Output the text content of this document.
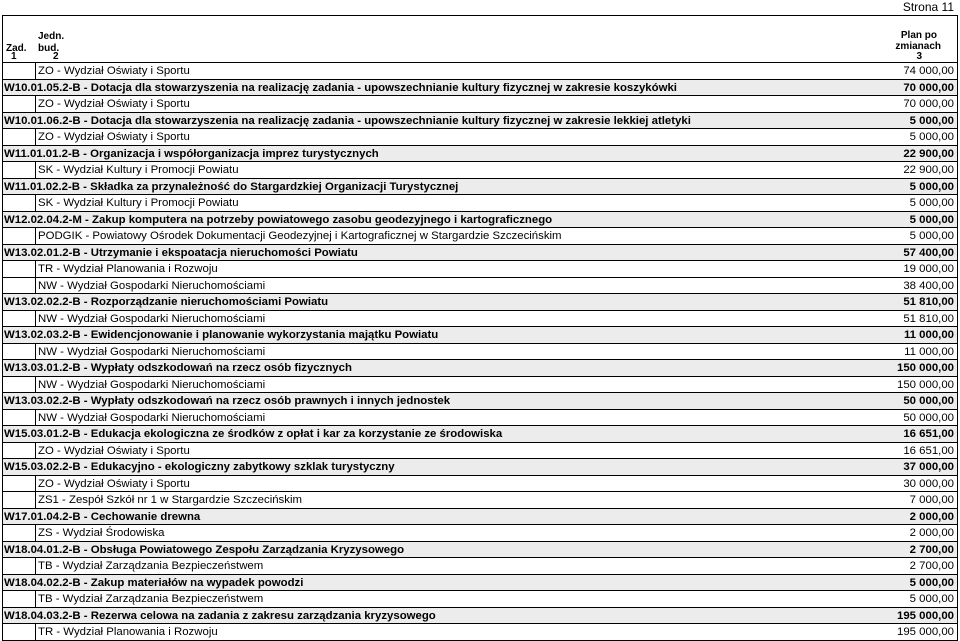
Strona 11
Jedn.
Zad. bud.
Plan po
zmianach
1	2	3
ZO - Wydział Oświaty i Sportu	74 000,00
W10.01.05.2-B - Dotacja dla stowarzyszenia na realizację zadania - upowszechnianie kultury fizycznej w zakresie koszykówki	70 000,00
ZO - Wydział Oświaty i Sportu	70 000,00
W10.01.06.2-B - Dotacja dla stowarzyszenia na realizację zadania - upowszechnianie kultury fizycznej w zakresie lekkiej atletyki	5 000,00
ZO - Wydział Oświaty i Sportu	5 000,00
W11.01.01.2-B - Organizacja i współorganizacja imprez turystycznych	22 900,00
SK - Wydział Kultury i Promocji Powiatu	22 900,00
W11.01.02.2-B - Składka za przynależność do Stargardzkiej Organizacji Turystycznej	5 000,00
SK - Wydział Kultury i Promocji Powiatu	5 000,00
W12.02.04.2-M - Zakup komputera na potrzeby powiatowego zasobu geodezyjnego i kartograficznego	5 000,00
PODGIK - Powiatowy Ośrodek Dokumentacji Geodezyjnej i Kartograficznej w Stargardzie Szczecińskim	5 000,00
W13.02.01.2-B - Utrzymanie i ekspoatacja nieruchomości Powiatu	57 400,00
TR - Wydział Planowania i Rozwoju	19 000,00
NW - Wydział Gospodarki Nieruchomościami	38 400,00
W13.02.02.2-B - Rozporządzanie nieruchomościami Powiatu	51 810,00
NW - Wydział Gospodarki Nieruchomościami	51 810,00
W13.02.03.2-B - Ewidencjonowanie i planowanie wykorzystania majątku Powiatu	11 000,00
NW - Wydział Gospodarki Nieruchomościami	11 000,00
W13.03.01.2-B - Wypłaty odszkodowań na rzecz osób fizycznych	150 000,00
NW - Wydział Gospodarki Nieruchomościami	150 000,00
W13.03.02.2-B - Wypłaty odszkodowań na rzecz osób prawnych i innych jednostek	50 000,00
NW - Wydział Gospodarki Nieruchomościami	50 000,00
W15.03.01.2-B - Edukacja ekologiczna ze środków z opłat i kar za korzystanie ze środowiska	16 651,00
ZO - Wydział Oświaty i Sportu	16 651,00
W15.03.02.2-B - Edukacyjno - ekologiczny zabytkowy szklak turystyczny	37 000,00
ZO - Wydział Oświaty i Sportu	30 000,00
ZS1 - Zespół Szkół nr 1 w Stargardzie Szczecińskim	7 000,00
W17.01.04.2-B - Cechowanie drewna	2 000,00
ZS - Wydział Środowiska	2 000,00
W18.04.01.2-B - Obsługa Powiatowego Zespołu Zarządzania Kryzysowego	2 700,00
TB - Wydział Zarządzania Bezpieczeństwem	2 700,00
W18.04.02.2-B - Zakup materiałów na wypadek powodzi	5 000,00
TB - Wydział Zarządzania Bezpieczeństwem	5 000,00
W18.04.03.2-B - Rezerwa celowa na zadania z zakresu zarządzania kryzysowego	195 000,00
TR - Wydział Planowania i Rozwoju	195 000,00
